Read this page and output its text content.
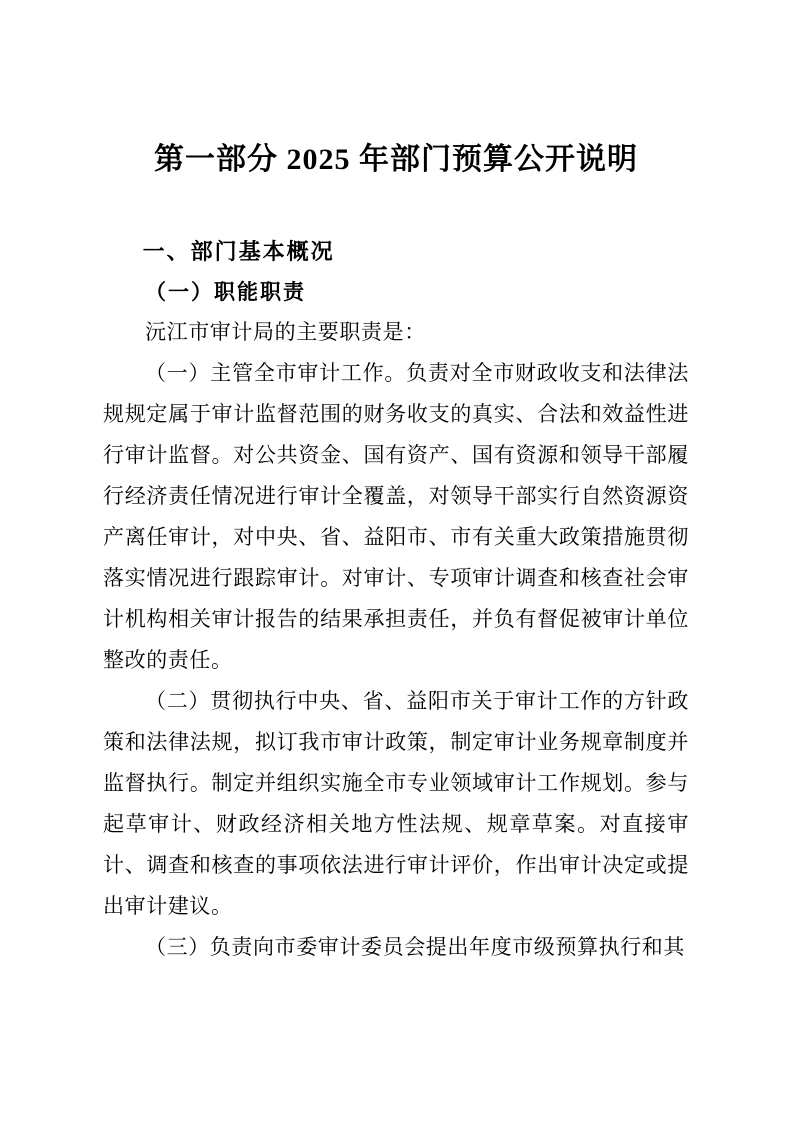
第一部分 2025 年部门预算公开说明
一、部门基本概况
（一）职能职责

沅江市审计局的主要职责是：

（一）主管全市审计工作。负责对全市财政收支和法律法规规定属于审计监督范围的财务收支的真实、合法和效益性进行审计监督。对公共资金、国有资产、国有资源和领导干部履行经济责任情况进行审计全覆盖，对领导干部实行自然资源资产离任审计，对中央、省、益阳市、市有关重大政策措施贯彻落实情况进行跟踪审计。对审计、专项审计调查和核查社会审计机构相关审计报告的结果承担责任，并负有督促被审计单位整改的责任。

（二）贯彻执行中央、省、益阳市关于审计工作的方针政策和法律法规，拟订我市审计政策，制定审计业务规章制度并监督执行。制定并组织实施全市专业领域审计工作规划。参与起草审计、财政经济相关地方性法规、规章草案。对直接审计、调查和核查的事项依法进行审计评价，作出审计决定或提出审计建议。

（三）负责向市委审计委员会提出年度市级预算执行和其
